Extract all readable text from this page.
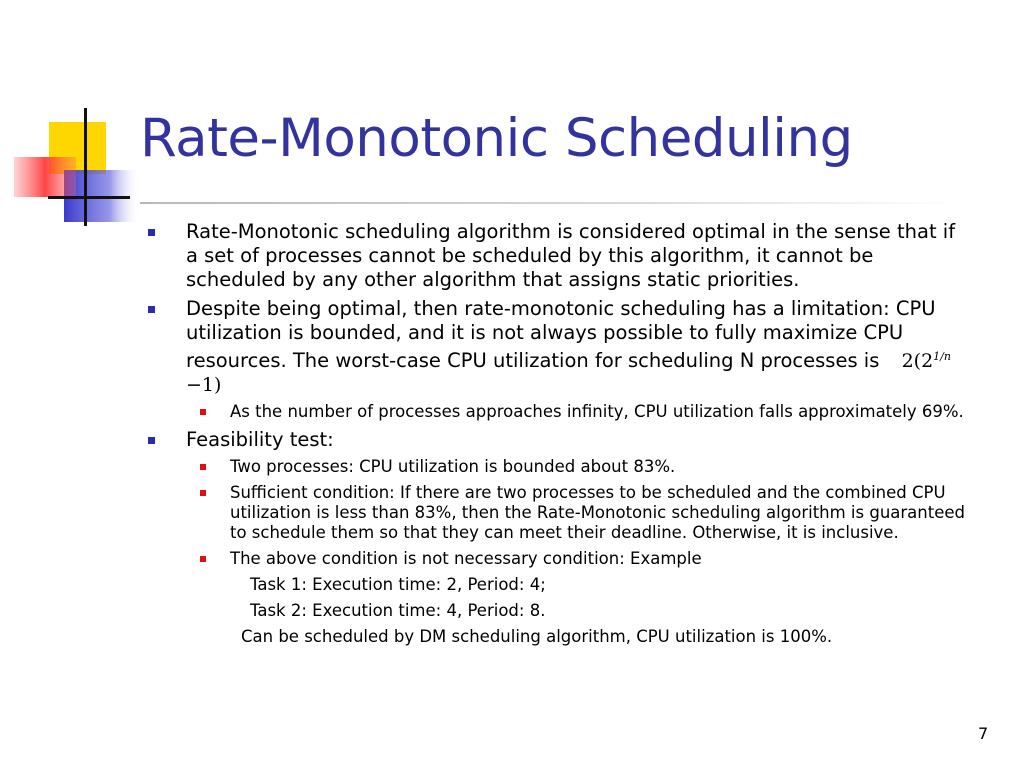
Rate-Monotonic Scheduling
Rate-Monotonic scheduling algorithm is considered optimal in the sense that if a set of processes cannot be scheduled by this algorithm, it cannot be scheduled by any other algorithm that assigns static priorities.
Despite being optimal, then rate-monotonic scheduling has a limitation: CPU utilization is bounded, and it is not always possible to fully maximize CPU resources. The worst-case CPU utilization for scheduling N processes is $2(2^{1/n} -1)$
As the number of processes approaches infinity, CPU utilization falls approximately 69%.
Feasibility test:
Two processes: CPU utilization is bounded about 83%.
Sufficient condition: If there are two processes to be scheduled and the combined CPU utilization is less than 83%, then the Rate-Monotonic scheduling algorithm is guaranteed to schedule them so that they can meet their deadline. Otherwise, it is inclusive.
The above condition is not necessary condition: Example
Task 1: Execution time: 2, Period: 4;
Task 2: Execution time: 4, Period: 8.
Can be scheduled by DM scheduling algorithm, CPU utilization is 100%.
7
